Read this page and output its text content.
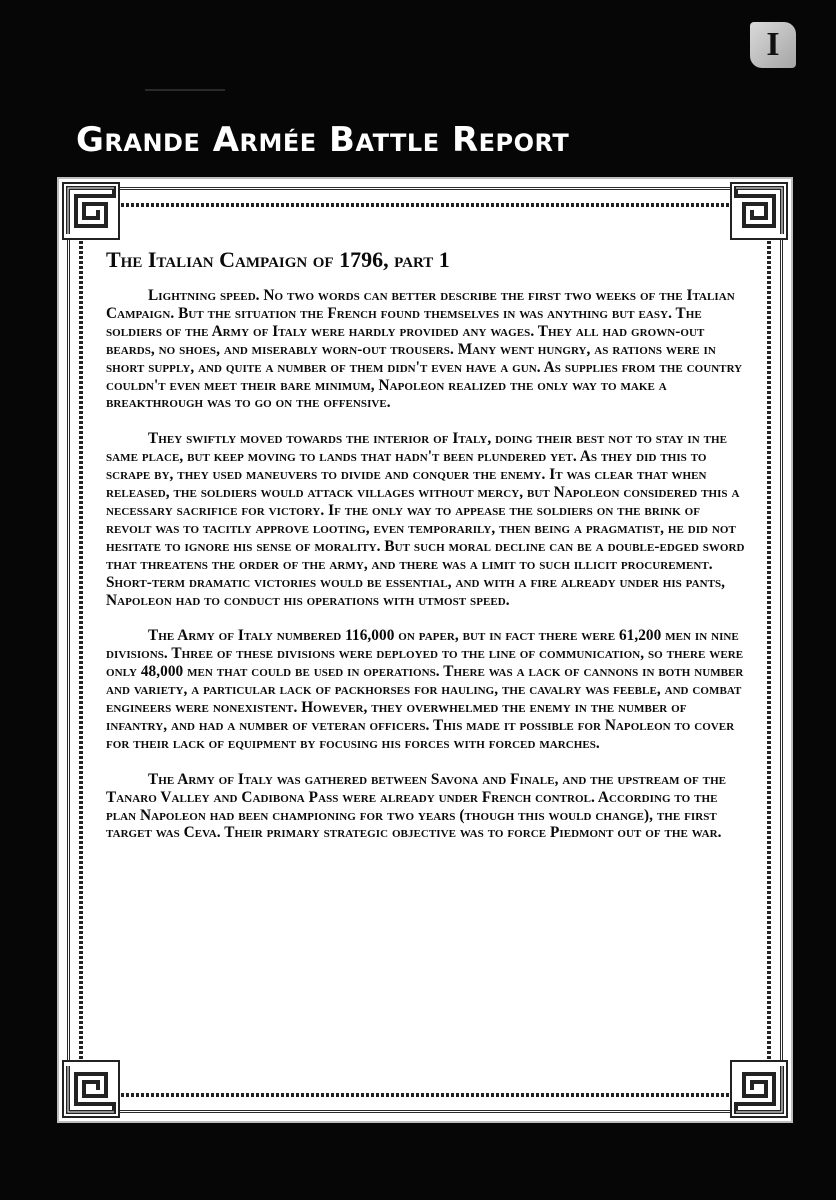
I
Grande Armée Battle Report
The Italian Campaign of 1796, part 1

Lightning speed. No two words can better describe the first two weeks of the Italian Campaign. But the situation the French found themselves in was anything but easy. The soldiers of the Army of Italy were hardly provided any wages. They all had grown-out beards, no shoes, and miserably worn-out trousers. Many went hungry, as rations were in short supply, and quite a number of them didn't even have a gun. As supplies from the country couldn't even meet their bare minimum, Napoleon realized the only way to make a breakthrough was to go on the offensive.

They swiftly moved towards the interior of Italy, doing their best not to stay in the same place, but keep moving to lands that hadn't been plundered yet. As they did this to scrape by, they used maneuvers to divide and conquer the enemy. It was clear that when released, the soldiers would attack villages without mercy, but Napoleon considered this a necessary sacrifice for victory. If the only way to appease the soldiers on the brink of revolt was to tacitly approve looting, even temporarily, then being a pragmatist, he did not hesitate to ignore his sense of morality. But such moral decline can be a double-edged sword that threatens the order of the army, and there was a limit to such illicit procurement. Short-term dramatic victories would be essential, and with a fire already under his pants, Napoleon had to conduct his operations with utmost speed.

The Army of Italy numbered 116,000 on paper, but in fact there were 61,200 men in nine divisions. Three of these divisions were deployed to the line of communication, so there were only 48,000 men that could be used in operations. There was a lack of cannons in both number and variety, a particular lack of packhorses for hauling, the cavalry was feeble, and combat engineers were nonexistent. However, they overwhelmed the enemy in the number of infantry, and had a number of veteran officers. This made it possible for Napoleon to cover for their lack of equipment by focusing his forces with forced marches.

The Army of Italy was gathered between Savona and Finale, and the upstream of the Tanaro Valley and Cadibona Pass were already under French control. According to the plan Napoleon had been championing for two years (though this would change), the first target was Ceva. Their primary strategic objective was to force Piedmont out of the war.
